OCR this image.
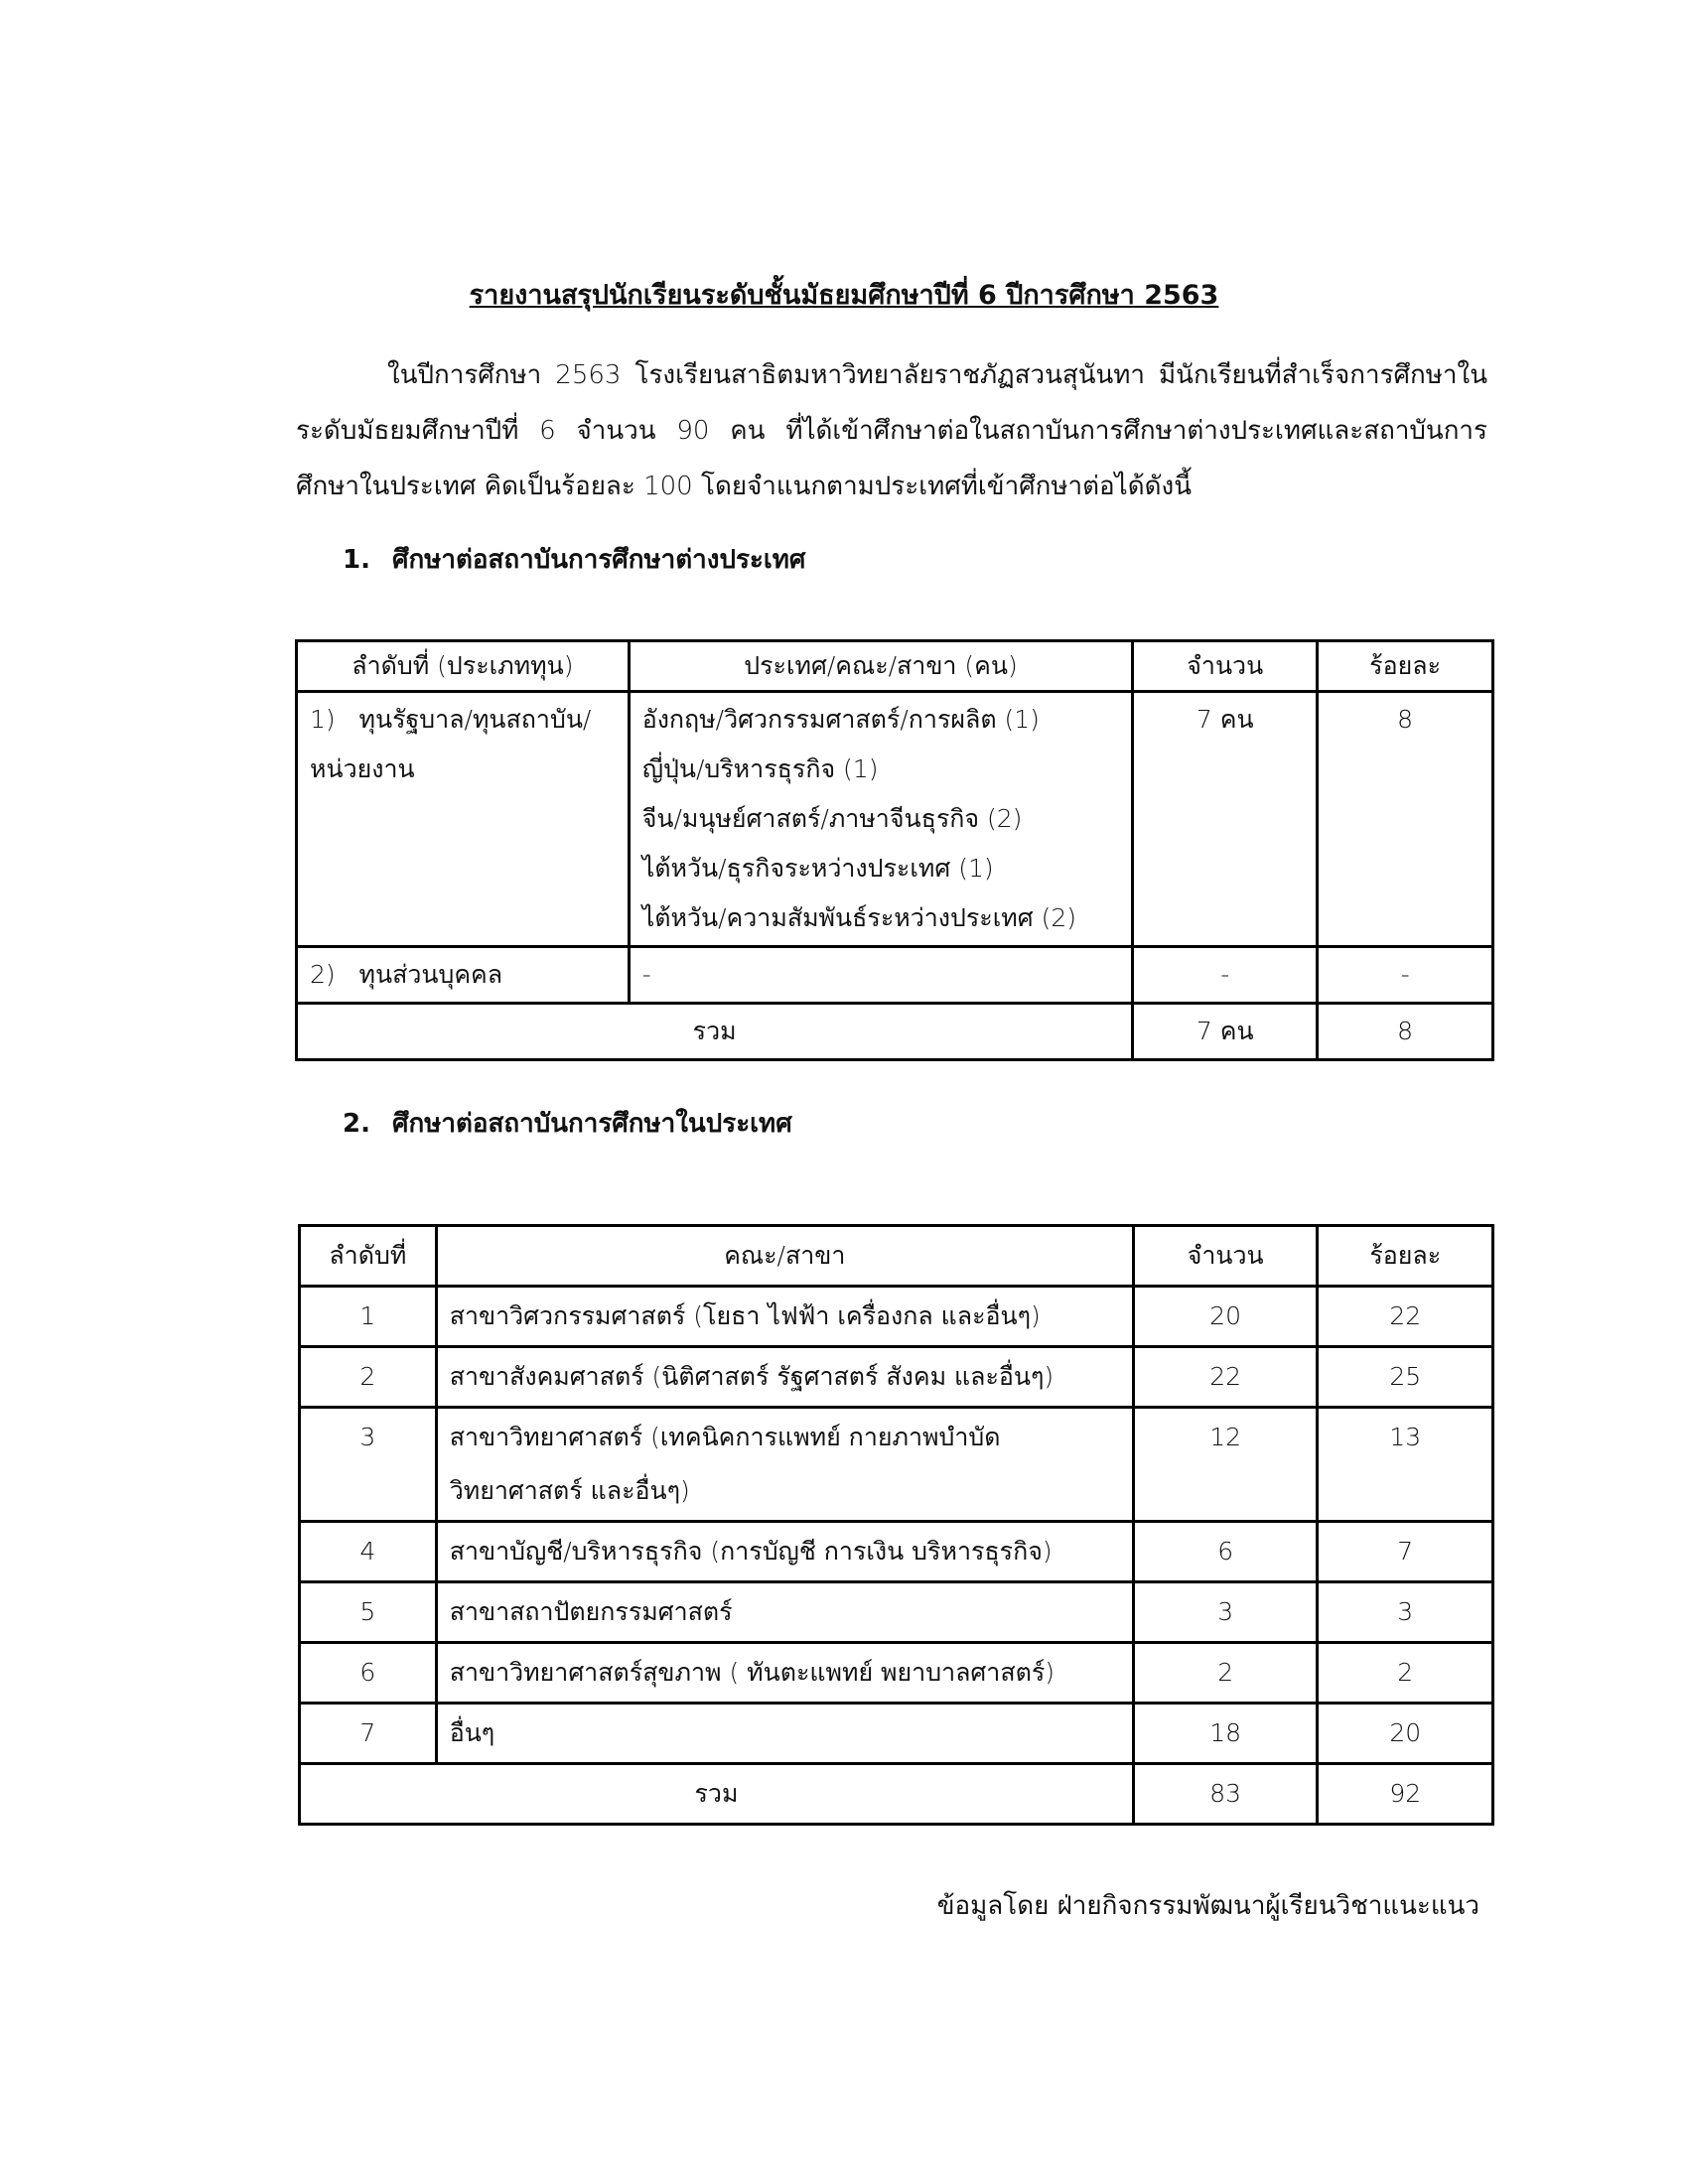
รายงานสรุปนักเรียนระดับชั้นมัธยมศึกษาปีที่ 6 ปีการศึกษา 2563
ในปีการศึกษา 2563 โรงเรียนสาธิตมหาวิทยาลัยราชภัฏสวนสุนันทา มีนักเรียนที่สำเร็จการศึกษาในระดับมัธยมศึกษาปีที่ 6 จำนวน 90 คน ที่ได้เข้าศึกษาต่อในสถาบันการศึกษาต่างประเทศและสถาบันการศึกษาในประเทศ คิดเป็นร้อยละ 100 โดยจำแนกตามประเทศที่เข้าศึกษาต่อได้ดังนี้
1. ศึกษาต่อสถาบันการศึกษาต่างประเทศ
ลำดับที่ (ประเภททุน)	ประเทศ/คณะ/สาขา (คน)	จำนวน	ร้อยละ
1)   ทุนรัฐบาล/ทุนสถาบัน/หน่วยงาน	อังกฤษ/วิศวกรรมศาสตร์/การผลิต (1)
ญี่ปุ่น/บริหารธุรกิจ (1)
จีน/มนุษย์ศาสตร์/ภาษาจีนธุรกิจ (2)
ไต้หวัน/ธุรกิจระหว่างประเทศ (1)
ไต้หวัน/ความสัมพันธ์ระหว่างประเทศ (2)	7 คน	8
2)   ทุนส่วนบุคคล	-	-	-
รวม		7 คน	8
2. ศึกษาต่อสถาบันการศึกษาในประเทศ
ลำดับที่	คณะ/สาขา	จำนวน	ร้อยละ
1	สาขาวิศวกรรมศาสตร์ (โยธา ไฟฟ้า เครื่องกล และอื่นๆ)	20	22
2	สาขาสังคมศาสตร์ (นิติศาสตร์ รัฐศาสตร์ สังคม และอื่นๆ)	22	25
3	สาขาวิทยาศาสตร์ (เทคนิคการแพทย์ กายภาพบำบัด วิทยาศาสตร์ และอื่นๆ)	12	13
4	สาขาบัญชี/บริหารธุรกิจ (การบัญชี การเงิน บริหารธุรกิจ)	6	7
5	สาขาสถาปัตยกรรมศาสตร์	3	3
6	สาขาวิทยาศาสตร์สุขภาพ ( ทันตะแพทย์ พยาบาลศาสตร์)	2	2
7	อื่นๆ	18	20
รวม		83	92
ข้อมูลโดย ฝ่ายกิจกรรมพัฒนาผู้เรียนวิชาแนะแนว
